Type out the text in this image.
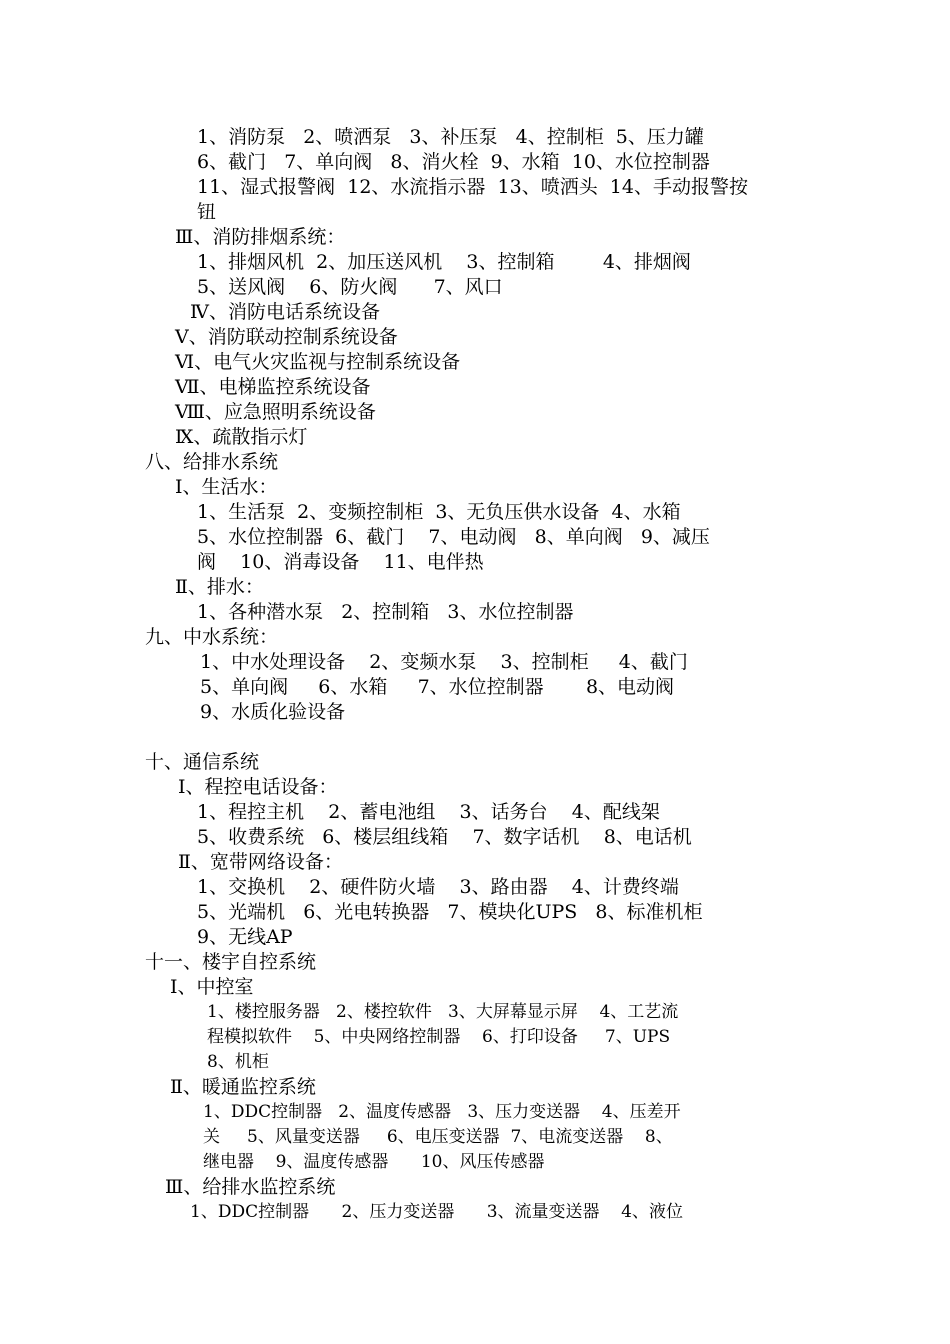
1、消防泵   2、喷洒泵   3、补压泵   4、控制柜  5、压力罐
6、截门   7、单向阀   8、消火栓  9、水箱  10、水位控制器
11、湿式报警阀  12、水流指示器  13、喷洒头  14、手动报警按
钮
Ⅲ、消防排烟系统：
1、排烟风机  2、加压送风机    3、控制箱        4、排烟阀
5、送风阀    6、防火阀      7、风口
Ⅳ、消防电话系统设备
Ⅴ、消防联动控制系统设备
Ⅵ、电气火灾监视与控制系统设备
Ⅶ、电梯监控系统设备
Ⅷ、应急照明系统设备
Ⅸ、疏散指示灯
八、给排水系统
Ⅰ、生活水：
1、生活泵  2、变频控制柜  3、无负压供水设备  4、水箱
5、水位控制器  6、截门    7、电动阀   8、单向阀   9、减压
阀    10、消毒设备    11、电伴热
Ⅱ、排水：
1、各种潜水泵   2、控制箱   3、水位控制器
九、中水系统：
1、中水处理设备    2、变频水泵    3、控制柜     4、截门
5、单向阀     6、水箱     7、水位控制器       8、电动阀
9、水质化验设备
十、通信系统
Ⅰ、程控电话设备：
1、程控主机    2、蓄电池组    3、话务台    4、配线架
5、收费系统   6、楼层组线箱    7、数字话机    8、电话机
Ⅱ、宽带网络设备：
1、交换机    2、硬件防火墙    3、路由器    4、计费终端
5、光端机   6、光电转换器   7、模块化UPS   8、标准机柜
9、无线AP
十一、楼宇自控系统
Ⅰ、中控室
1、楼控服务器   2、楼控软件   3、大屏幕显示屏    4、工艺流
程模拟软件    5、中央网络控制器    6、打印设备     7、UPS
8、机柜
Ⅱ、暖通监控系统
1、DDC控制器   2、温度传感器   3、压力变送器    4、压差开
关     5、风量变送器     6、电压变送器  7、电流变送器    8、
继电器    9、温度传感器      10、风压传感器
Ⅲ、给排水监控系统
1、DDC控制器      2、压力变送器      3、流量变送器    4、液位
